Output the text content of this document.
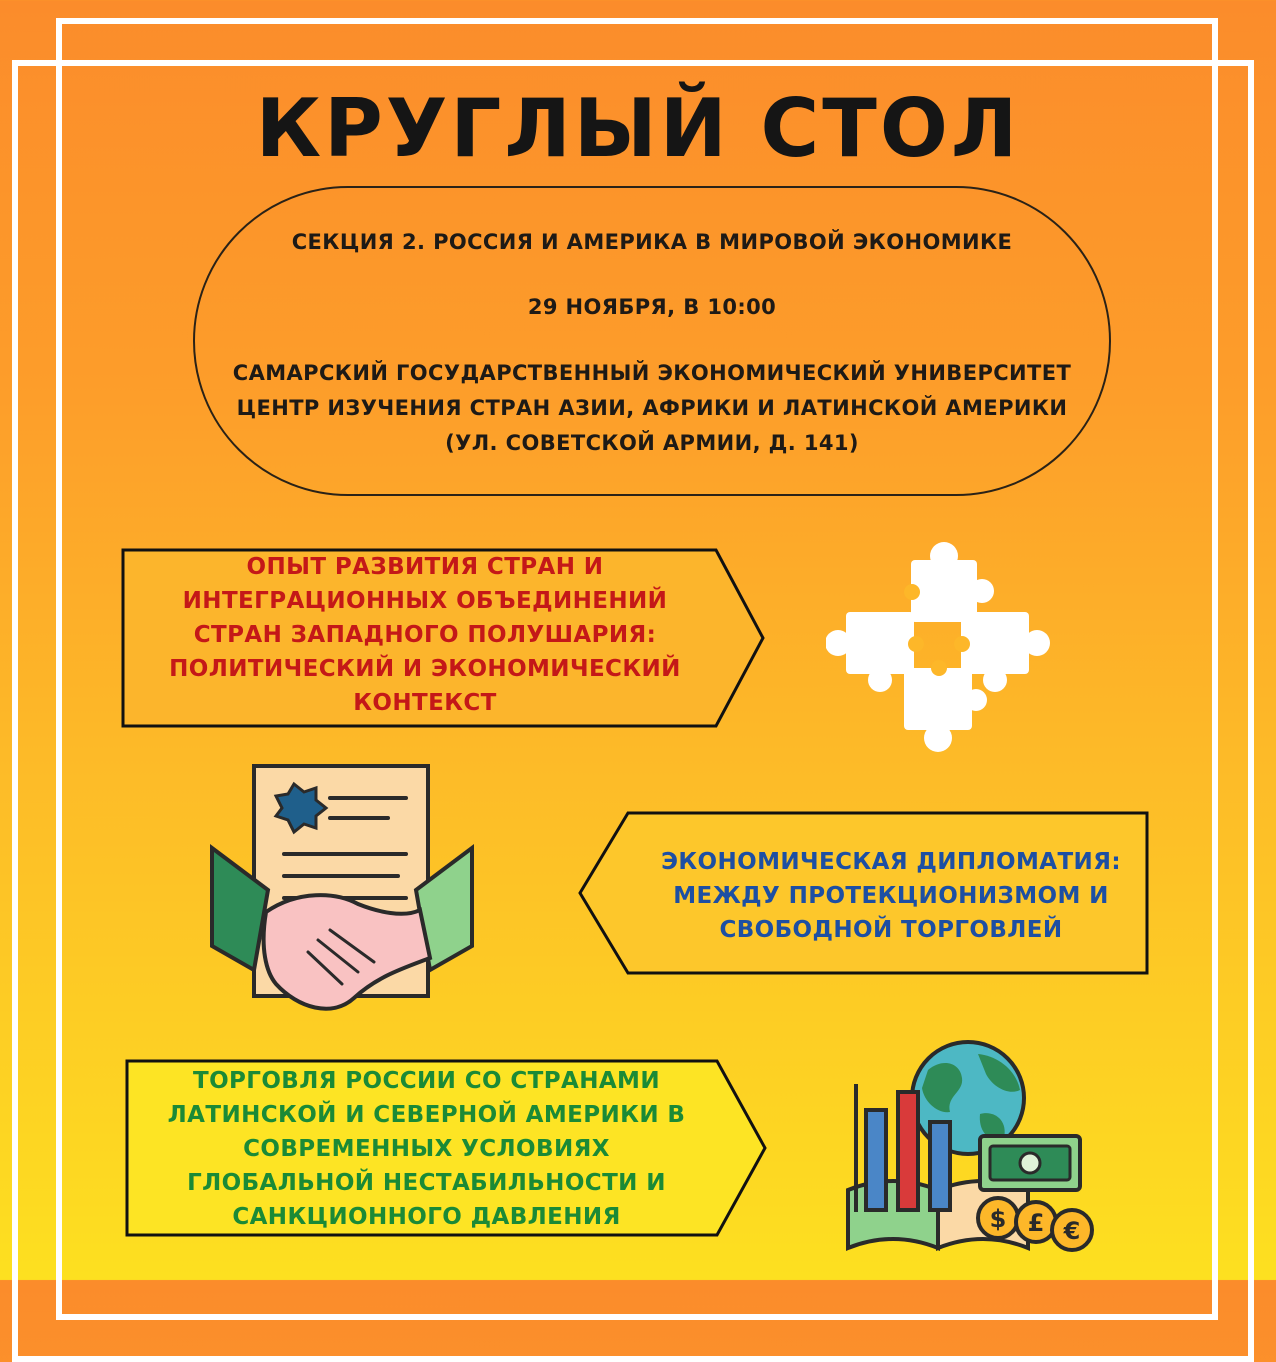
КРУГЛЫЙ СТОЛ
СЕКЦИЯ 2. РОССИЯ И АМЕРИКА В МИРОВОЙ ЭКОНОМИКЕ
29 НОЯБРЯ, В 10:00
САМАРСКИЙ ГОСУДАРСТВЕННЫЙ ЭКОНОМИЧЕСКИЙ УНИВЕРСИТЕТ
ЦЕНТР ИЗУЧЕНИЯ СТРАН АЗИИ, АФРИКИ И ЛАТИНСКОЙ АМЕРИКИ
(УЛ. СОВЕТСКОЙ АРМИИ, Д. 141)
ОПЫТ РАЗВИТИЯ СТРАН И
ИНТЕГРАЦИОННЫХ ОБЪЕДИНЕНИЙ
СТРАН ЗАПАДНОГО ПОЛУШАРИЯ:
ПОЛИТИЧЕСКИЙ И ЭКОНОМИЧЕСКИЙ
КОНТЕКСТ
ЭКОНОМИЧЕСКАЯ ДИПЛОМАТИЯ:
МЕЖДУ ПРОТЕКЦИОНИЗМОМ И
СВОБОДНОЙ ТОРГОВЛЕЙ
ТОРГОВЛЯ РОССИИ СО СТРАНАМИ
ЛАТИНСКОЙ И СЕВЕРНОЙ АМЕРИКИ В
СОВРЕМЕННЫХ УСЛОВИЯХ
ГЛОБАЛЬНОЙ НЕСТАБИЛЬНОСТИ И
САНКЦИОННОГО ДАВЛЕНИЯ	$ £ €
